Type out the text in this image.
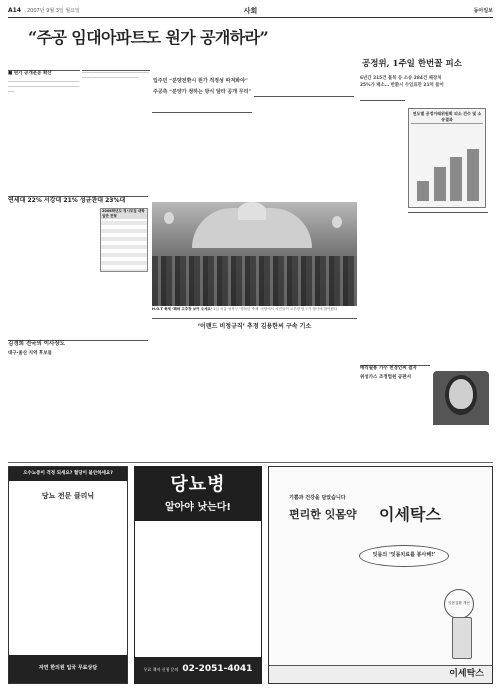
A14 2007년 9월 3일 월요일	사회	동아일보
“주공 임대아파트도 원가 공개하라”
■ 원가 공개운동 확산
─────────────────────────────────────────────────────────────────────
─────────────────────────────────────────────────────────	입주민 “분양전환시 원가 적정성 따져봐야”
주공측 “분양가 정하는 방식 달라 공개 무리”
공정위, 1주일 한번꼴 피소
6년간 215건 불복 등 소송 284건 패장처
25%가 패소… 반환시 수임료만 21억 들어
연도별 공정거래위원회 피소 건수 및 소송결과
연세대 22% 서강대 21% 성균관대 23%대
2008학년도 정시모집 대학 일반 전형
H.O.T 축제 ‘폐쇄 고추장 보여 오세요’ 2일 서울 성북구 ‘행복한 축제’ 마당에서 시민들이 고추장 담그기 행사에 참여했다.
김경희 전국의 이사장도
대구·울산 지역 후보들
‘이랜드 비정규직’ 추정 김용한씨 구속 기소
매직필용 가수 천경인씨 결자
위성가스 조정법원 공판서
오수뇨증이 걱정 되세요? 혈당이 불안하세요?
당뇨 전문 클리닉
자연 한의원 입국 무료상담
당뇨병
알아야 낫는다!
무료 책자 신청 문의 02-2051-4041
기쁨과 건강을 담았습니다
편리한 잇몸약 이세탁스
잇몸의 ‘잇몸치료를 봉사해!’
잇몸질환 개선
이세탁스
